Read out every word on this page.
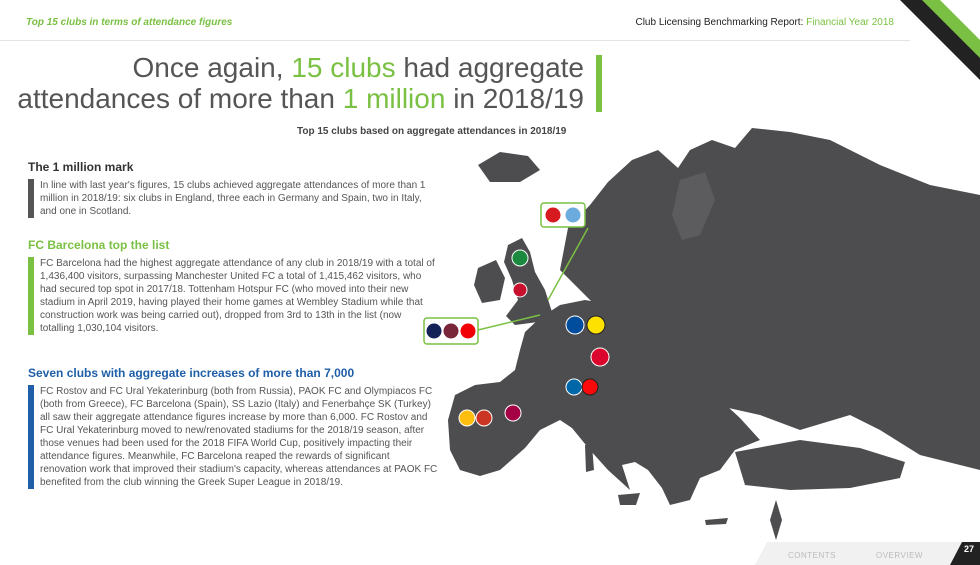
Top 15 clubs in terms of attendance figures	Club Licensing Benchmarking Report: Financial Year 2018
Once again, 15 clubs had aggregate
attendances of more than 1 million in 2018/19
Top 15 clubs based on aggregate attendances in 2018/19
The 1 million mark
In line with last year's figures, 15 clubs achieved aggregate attendances of more than 1 million in 2018/19: six clubs in England, three each in Germany and Spain, two in Italy, and one in Scotland.
FC Barcelona top the list
FC Barcelona had the highest aggregate attendance of any club in 2018/19 with a total of 1,436,400 visitors, surpassing Manchester United FC a total of 1,415,462 visitors, who had secured top spot in 2017/18. Tottenham Hotspur FC (who moved into their new stadium in April 2019, having played their home games at Wembley Stadium while that construction work was being carried out), dropped from 3rd to 13th in the list (now totalling 1,030,104 visitors.
Seven clubs with aggregate increases of more than 7,000
FC Rostov and FC Ural Yekaterinburg (both from Russia), PAOK FC and Olympiacos FC (both from Greece), FC Barcelona (Spain), SS Lazio (Italy) and Fenerbahçe SK (Turkey) all saw their aggregate attendance figures increase by more than 6,000. FC Rostov and FC Ural Yekaterinburg moved to new/renovated stadiums for the 2018/19 season, after those venues had been used for the 2018 FIFA World Cup, positively impacting their attendance figures. Meanwhile, FC Barcelona reaped the rewards of significant renovation work that improved their stadium's capacity, whereas attendances at PAOK FC benefited from the club winning the Greek Super League in 2018/19.
CONTENTS	OVERVIEW
27
